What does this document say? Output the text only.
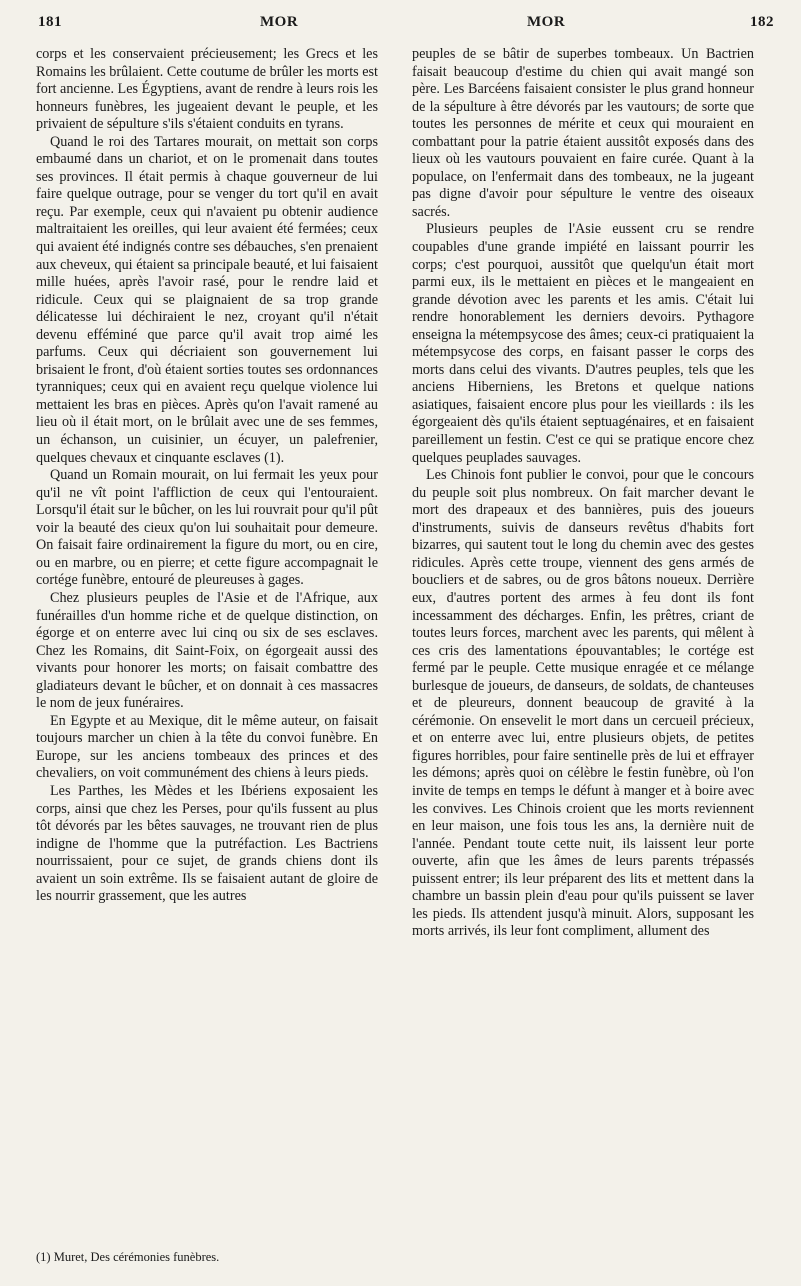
181	MOR	MOR	182

corps et les conservaient précieusement; les Grecs et les Romains les brûlaient. Cette coutume de brûler les morts est fort ancienne. Les Égyptiens, avant de rendre à leurs rois les honneurs funèbres, les jugeaient devant le peuple, et les privaient de sépulture s'ils s'étaient conduits en tyrans.

Quand le roi des Tartares mourait, on mettait son corps embaumé dans un chariot, et on le promenait dans toutes ses provinces. Il était permis à chaque gouverneur de lui faire quelque outrage, pour se venger du tort qu'il en avait reçu. Par exemple, ceux qui n'avaient pu obtenir audience maltraitaient les oreilles, qui leur avaient été fermées; ceux qui avaient été indignés contre ses débauches, s'en prenaient aux cheveux, qui étaient sa principale beauté, et lui faisaient mille huées, après l'avoir rasé, pour le rendre laid et ridicule. Ceux qui se plaignaient de sa trop grande délicatesse lui déchiraient le nez, croyant qu'il n'était devenu efféminé que parce qu'il avait trop aimé les parfums. Ceux qui décriaient son gouvernement lui brisaient le front, d'où étaient sorties toutes ses ordonnances tyranniques; ceux qui en avaient reçu quelque violence lui mettaient les bras en pièces. Après qu'on l'avait ramené au lieu où il était mort, on le brûlait avec une de ses femmes, un échanson, un cuisinier, un écuyer, un palefrenier, quelques chevaux et cinquante esclaves (1).

Quand un Romain mourait, on lui fermait les yeux pour qu'il ne vît point l'affliction de ceux qui l'entouraient. Lorsqu'il était sur le bûcher, on les lui rouvrait pour qu'il pût voir la beauté des cieux qu'on lui souhaitait pour demeure. On faisait faire ordinairement la figure du mort, ou en cire, ou en marbre, ou en pierre; et cette figure accompagnait le cortége funèbre, entouré de pleureuses à gages.

Chez plusieurs peuples de l'Asie et de l'Afrique, aux funérailles d'un homme riche et de quelque distinction, on égorge et on enterre avec lui cinq ou six de ses esclaves. Chez les Romains, dit Saint-Foix, on égorgeait aussi des vivants pour honorer les morts; on faisait combattre des gladiateurs devant le bûcher, et on donnait à ces massacres le nom de jeux funéraires.

En Egypte et au Mexique, dit le même auteur, on faisait toujours marcher un chien à la tête du convoi funèbre. En Europe, sur les anciens tombeaux des princes et des chevaliers, on voit communément des chiens à leurs pieds.

Les Parthes, les Mèdes et les Ibériens exposaient les corps, ainsi que chez les Perses, pour qu'ils fussent au plus tôt dévorés par les bêtes sauvages, ne trouvant rien de plus indigne de l'homme que la putréfaction. Les Bactriens nourrissaient, pour ce sujet, de grands chiens dont ils avaient un soin extrême. Ils se faisaient autant de gloire de les nourrir grassement, que les autres

peuples de se bâtir de superbes tombeaux. Un Bactrien faisait beaucoup d'estime du chien qui avait mangé son père. Les Barcéens faisaient consister le plus grand honneur de la sépulture à être dévorés par les vautours; de sorte que toutes les personnes de mérite et ceux qui mouraient en combattant pour la patrie étaient aussitôt exposés dans des lieux où les vautours pouvaient en faire curée. Quant à la populace, on l'enfermait dans des tombeaux, ne la jugeant pas digne d'avoir pour sépulture le ventre des oiseaux sacrés.

Plusieurs peuples de l'Asie eussent cru se rendre coupables d'une grande impiété en laissant pourrir les corps; c'est pourquoi, aussitôt que quelqu'un était mort parmi eux, ils le mettaient en pièces et le mangeaient en grande dévotion avec les parents et les amis. C'était lui rendre honorablement les derniers devoirs. Pythagore enseigna la métempsycose des âmes; ceux-ci pratiquaient la métempsycose des corps, en faisant passer le corps des morts dans celui des vivants. D'autres peuples, tels que les anciens Hiberniens, les Bretons et quelque nations asiatiques, faisaient encore plus pour les vieillards : ils les égorgeaient dès qu'ils étaient septuagénaires, et en faisaient pareillement un festin. C'est ce qui se pratique encore chez quelques peuplades sauvages.

Les Chinois font publier le convoi, pour que le concours du peuple soit plus nombreux. On fait marcher devant le mort des drapeaux et des bannières, puis des joueurs d'instruments, suivis de danseurs revêtus d'habits fort bizarres, qui sautent tout le long du chemin avec des gestes ridicules. Après cette troupe, viennent des gens armés de boucliers et de sabres, ou de gros bâtons noueux. Derrière eux, d'autres portent des armes à feu dont ils font incessamment des décharges. Enfin, les prêtres, criant de toutes leurs forces, marchent avec les parents, qui mêlent à ces cris des lamentations épouvantables; le cortége est fermé par le peuple. Cette musique enragée et ce mélange burlesque de joueurs, de danseurs, de soldats, de chanteuses et de pleureurs, donnent beaucoup de gravité à la cérémonie. On ensevelit le mort dans un cercueil précieux, et on enterre avec lui, entre plusieurs objets, de petites figures horribles, pour faire sentinelle près de lui et effrayer les démons; après quoi on célèbre le festin funèbre, où l'on invite de temps en temps le défunt à manger et à boire avec les convives. Les Chinois croient que les morts reviennent en leur maison, une fois tous les ans, la dernière nuit de l'année. Pendant toute cette nuit, ils laissent leur porte ouverte, afin que les âmes de leurs parents trépassés puissent entrer; ils leur préparent des lits et mettent dans la chambre un bassin plein d'eau pour qu'ils puissent se laver les pieds. Ils attendent jusqu'à minuit. Alors, supposant les morts arrivés, ils leur font compliment, allument des

(1) Muret, Des cérémonies funèbres.
